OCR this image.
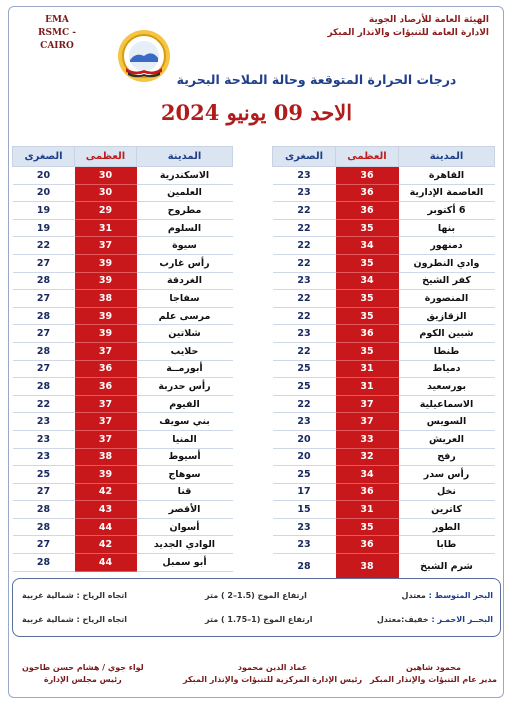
EMA
RSMC - CAIRO
الهيئة العامة للأرصاد الجوية
الادارة العامة للتنبؤات والانذار المبكر
درجات الحرارة المتوقعة وحالة الملاحة البحرية
الاحد 09 يونيو 2024
المدينة	العظمى	الصغرى
القاهرة	36	23
العاصمة الإدارية	36	23
6 أكتوبر	36	22
بنها	35	22
دمنهور	34	22
وادي النطرون	35	22
كفر الشيخ	34	23
المنصورة	35	22
الزقازيق	35	22
شبين الكوم	36	23
طنطا	35	22
دمياط	31	25
بورسعيد	31	25
الاسماعيلية	37	22
السويس	37	23
العريش	33	20
رفح	32	20
رأس سدر	34	25
نخل	36	17
كاترين	31	15
الطور	35	23
طابا	36	23
شرم الشيخ	38	28
المدينة	العظمى	الصغرى
الاسكندرية	30	20
العلمين	30	20
مطروح	29	19
السلوم	31	19
سيوة	37	22
رأس غارب	39	27
الغردقة	39	28
سفاجا	38	27
مرسى علم	39	28
شلاتين	39	27
حلايب	37	28
أبورمــة	36	27
رأس حدربة	36	28
الفيوم	37	22
بني سويف	37	23
المنيا	37	23
أسيوط	38	23
سوهاج	39	25
قنا	42	27
الأقصر	43	28
أسوان	44	28
الوادي الجديد	42	27
أبو سمبل	44	28
البحر المتوسط : معتدل
ارتفاع الموج (1.5–2 ) متر
اتجاه الرياح : شمالية غربية
البحــر الاحمـر : خفيف:معتدل
ارتفاع الموج (1–1.75 ) متر
اتجاه الرياح : شمالية غربية
لواء جوي / هشام حسن طاحون
رئيس مجلس الإدارة
عماد الدين محمود
رئيس الإدارة المركزية للتنبؤات والإنذار المبكر
محمود شاهين
مدير عام التنبؤات والإنذار المبكر
